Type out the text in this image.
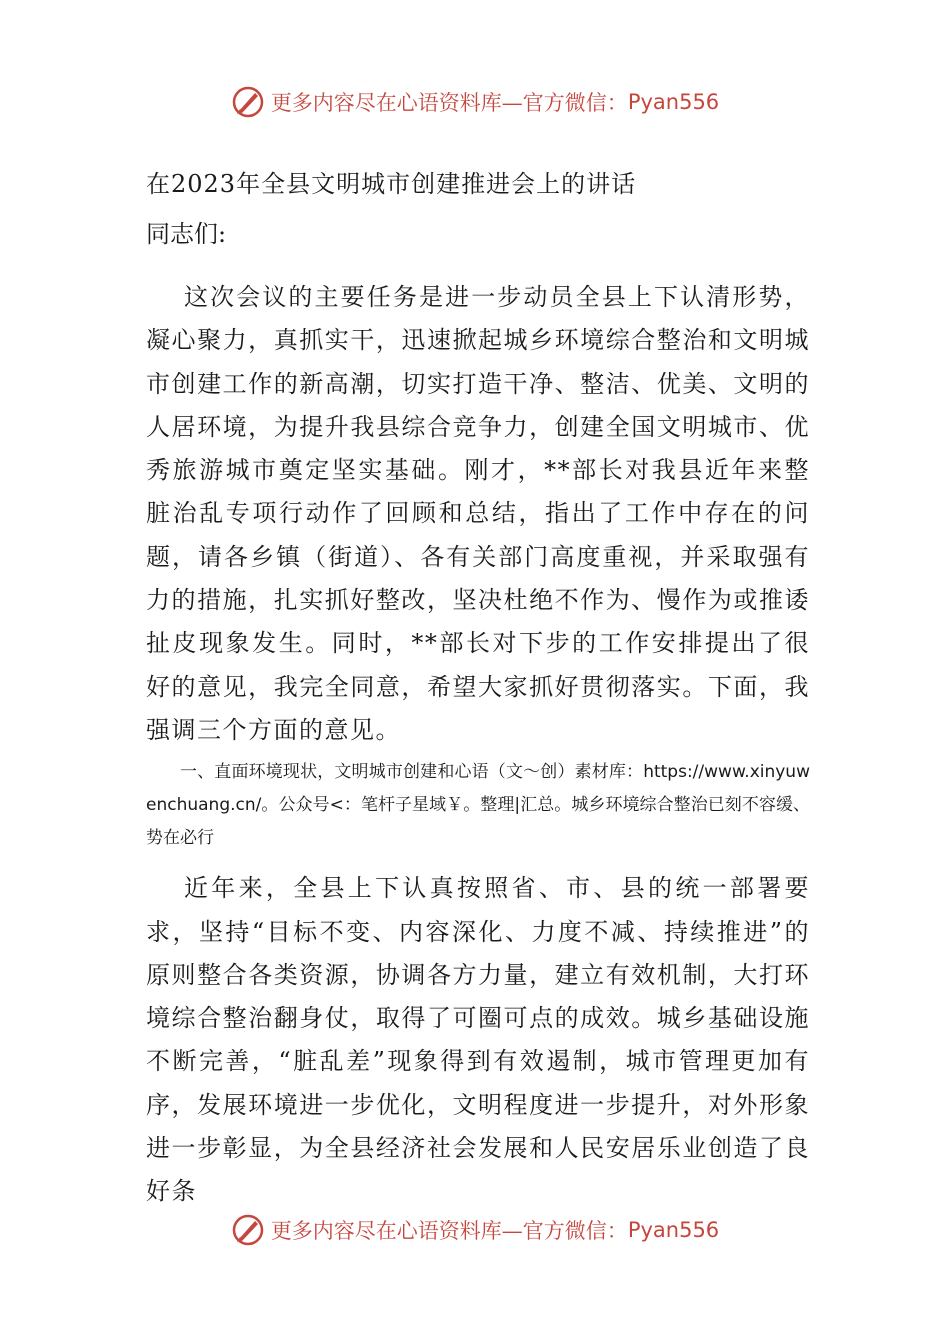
更多内容尽在心语资料库—官方微信： Pyan556

在2023年全县文明城市创建推进会上的讲话

同志们:

这次会议的主要任务是进一步动员全县上下认清形势，凝心聚力，真抓实干，迅速掀起城乡环境综合整治和文明城市创建工作的新高潮，切实打造干净、整洁、优美、文明的人居环境，为提升我县综合竞争力，创建全国文明城市、优秀旅游城市奠定坚实基础。刚才，**部长对我县近年来整脏治乱专项行动作了回顾和总结，指出了工作中存在的问题，请各乡镇（街道）、各有关部门高度重视，并采取强有力的措施，扎实抓好整改，坚决杜绝不作为、慢作为或推诿扯皮现象发生。同时，**部长对下步的工作安排提出了很好的意见，我完全同意，希望大家抓好贯彻落实。下面，我强调三个方面的意见。

一、直面环境现状，文明城市创建和心语（文～创）素材库：https://www.xinyuwenchuang.cn/。公众号<：笔杆子星域￥。整理|汇总。城乡环境综合整治已刻不容缓、势在必行

近年来，全县上下认真按照省、市、县的统一部署要求，坚持“目标不变、内容深化、力度不减、持续推进”的原则整合各类资源，协调各方力量，建立有效机制，大打环境综合整治翻身仗，取得了可圈可点的成效。城乡基础设施不断完善，“脏乱差”现象得到有效遏制，城市管理更加有序，发展环境进一步优化，文明程度进一步提升，对外形象进一步彰显，为全县经济社会发展和人民安居乐业创造了良好条

更多内容尽在心语资料库—官方微信： Pyan556
